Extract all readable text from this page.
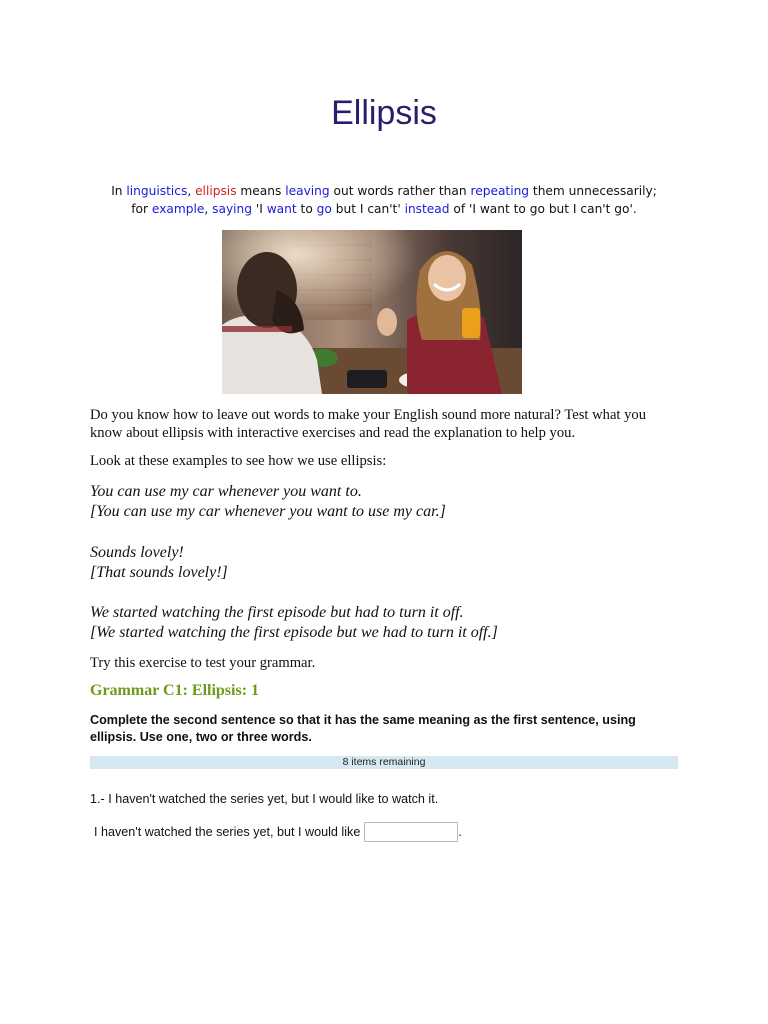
Ellipsis
In linguistics, ellipsis means leaving out words rather than repeating them unnecessarily;
for example, saying 'I want to go but I can't' instead of 'I want to go but I can't go'.

Do you know how to leave out words to make your English sound more natural? Test what you know about ellipsis with interactive exercises and read the explanation to help you.

Look at these examples to see how we use ellipsis:

You can use my car whenever you want to.
[You can use my car whenever you want to use my car.]
Sounds lovely!
[That sounds lovely!]
We started watching the first episode but had to turn it off.
[We started watching the first episode but we had to turn it off.]

Try this exercise to test your grammar.

Grammar C1: Ellipsis: 1
Complete the second sentence so that it has the same meaning as the first sentence, using ellipsis. Use one, two or three words.
8 items remaining
1.- I haven't watched the series yet, but I would like to watch it.
I haven't watched the series yet, but I would like	.
